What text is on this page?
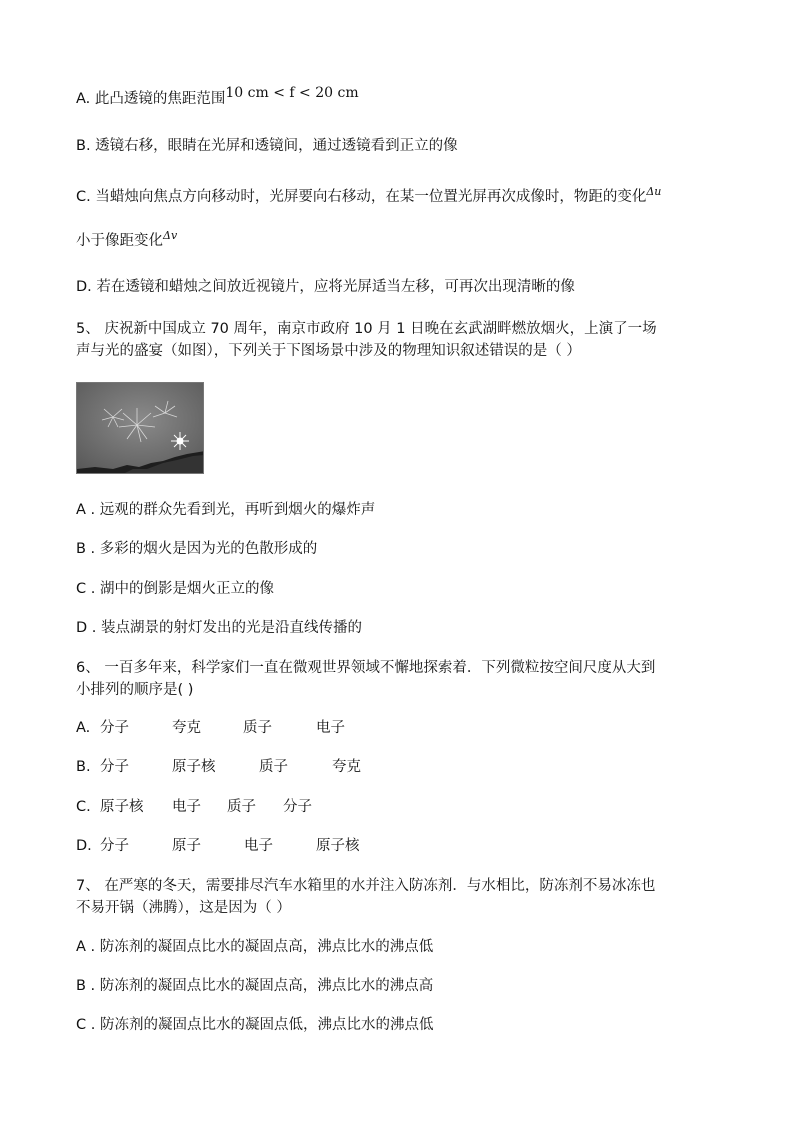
A. 此凸透镜的焦距范围10 cm < f < 20 cm
B. 透镜右移，眼睛在光屏和透镜间，通过透镜看到正立的像
C. 当蜡烛向焦点方向移动时，光屏要向右移动，在某一位置光屏再次成像时，物距的变化$^{\Delta u}$
小于像距变化$^{\Delta v}$
D. 若在透镜和蜡烛之间放近视镜片，应将光屏适当左移，可再次出现清晰的像
5、 庆祝新中国成立 70 周年，南京市政府 10 月 1 日晚在玄武湖畔燃放烟火，上演了一场
声与光的盛宴（如图），下列关于下图场景中涉及的物理知识叙述错误的是（ ）
A . 远观的群众先看到光，再听到烟火的爆炸声
B . 多彩的烟火是因为光的色散形成的
C . 湖中的倒影是烟火正立的像
D . 装点湖景的射灯发出的光是沿直线传播的
6、 一百多年来，科学家们一直在微观世界领域不懈地探索着．下列微粒按空间尺度从大到
小排列的顺序是( )
A. 分子	夸克	质子	电子
B. 分子	原子核	质子	夸克
C. 原子核 电子 质子 分子
D. 分子	原子	电子	原子核
7、 在严寒的冬天，需要排尽汽车水箱里的水并注入防冻剂．与水相比，防冻剂不易冰冻也
不易开锅（沸腾），这是因为（ ）
A . 防冻剂的凝固点比水的凝固点高，沸点比水的沸点低
B . 防冻剂的凝固点比水的凝固点高，沸点比水的沸点高
C . 防冻剂的凝固点比水的凝固点低，沸点比水的沸点低
